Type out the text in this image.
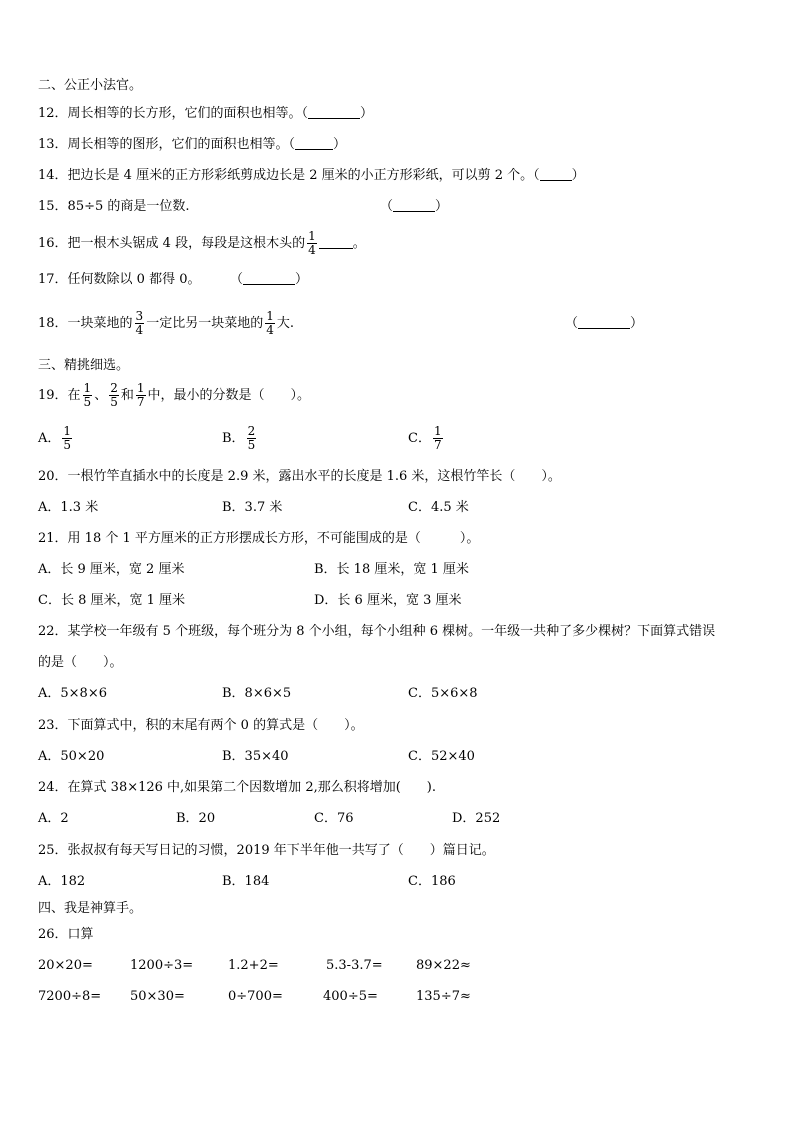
二、公正小法官。
12．周长相等的长方形，它们的面积也相等。（	）
13．周长相等的图形，它们的面积也相等。（	）
14．把边长是 4 厘米的正方形彩纸剪成边长是 2 厘米的小正方形彩纸，可以剪 2 个。（ ）
15．85÷5 的商是一位数.	（	）
16．把一根木头锯成 4 段，每段是这根木头的 $\frac{1}{4}$	。
17．任何数除以 0 都得 0。 （	）
18．一块菜地的 $\frac{3}{4}$ 一定比另一块菜地的 $\frac{1}{4}$ 大.	（	）
三、精挑细选。
19．在 $\frac{1}{5}$ 、 $\frac{2}{5}$ 和 $\frac{1}{7}$ 中，最小的分数是（　　）。
A． $\frac{1}{5}$	B． $\frac{2}{5}$	C． $\frac{1}{7}$
20．一根竹竿直插水中的长度是 2.9 米，露出水平的长度是 1.6 米，这根竹竿长（　　）。
A．1.3 米	B．3.7 米	C．4.5 米
21．用 18 个 1 平方厘米的正方形摆成长方形，不可能围成的是（　　　）。
A．长 9 厘米，宽 2 厘米	B．长 18 厘米，宽 1 厘米
C．长 8 厘米，宽 1 厘米	D．长 6 厘米，宽 3 厘米
22．某学校一年级有 5 个班级，每个班分为 8 个小组，每个小组种 6 棵树。一年级一共种了多少棵树？下面算式错误
的是（　　）。
A．5×8×6	B．8×6×5	C．5×6×8
23．下面算式中，积的末尾有两个 0 的算式是（　　）。
A．50×20	B．35×40	C．52×40
24．在算式 38×126 中,如果第二个因数增加 2,那么积将增加(　　).
A．2	B．20	C．76	D．252
25．张叔叔有每天写日记的习惯，2019 年下半年他一共写了（　　）篇日记。
A．182	B．184	C．186
四、我是神算手。
26．口算
20×20=	1200÷3=	1.2+2=	5.3-3.7=	89×22≈
7200÷8= 50×30=	0÷700=	400÷5=	135÷7≈
